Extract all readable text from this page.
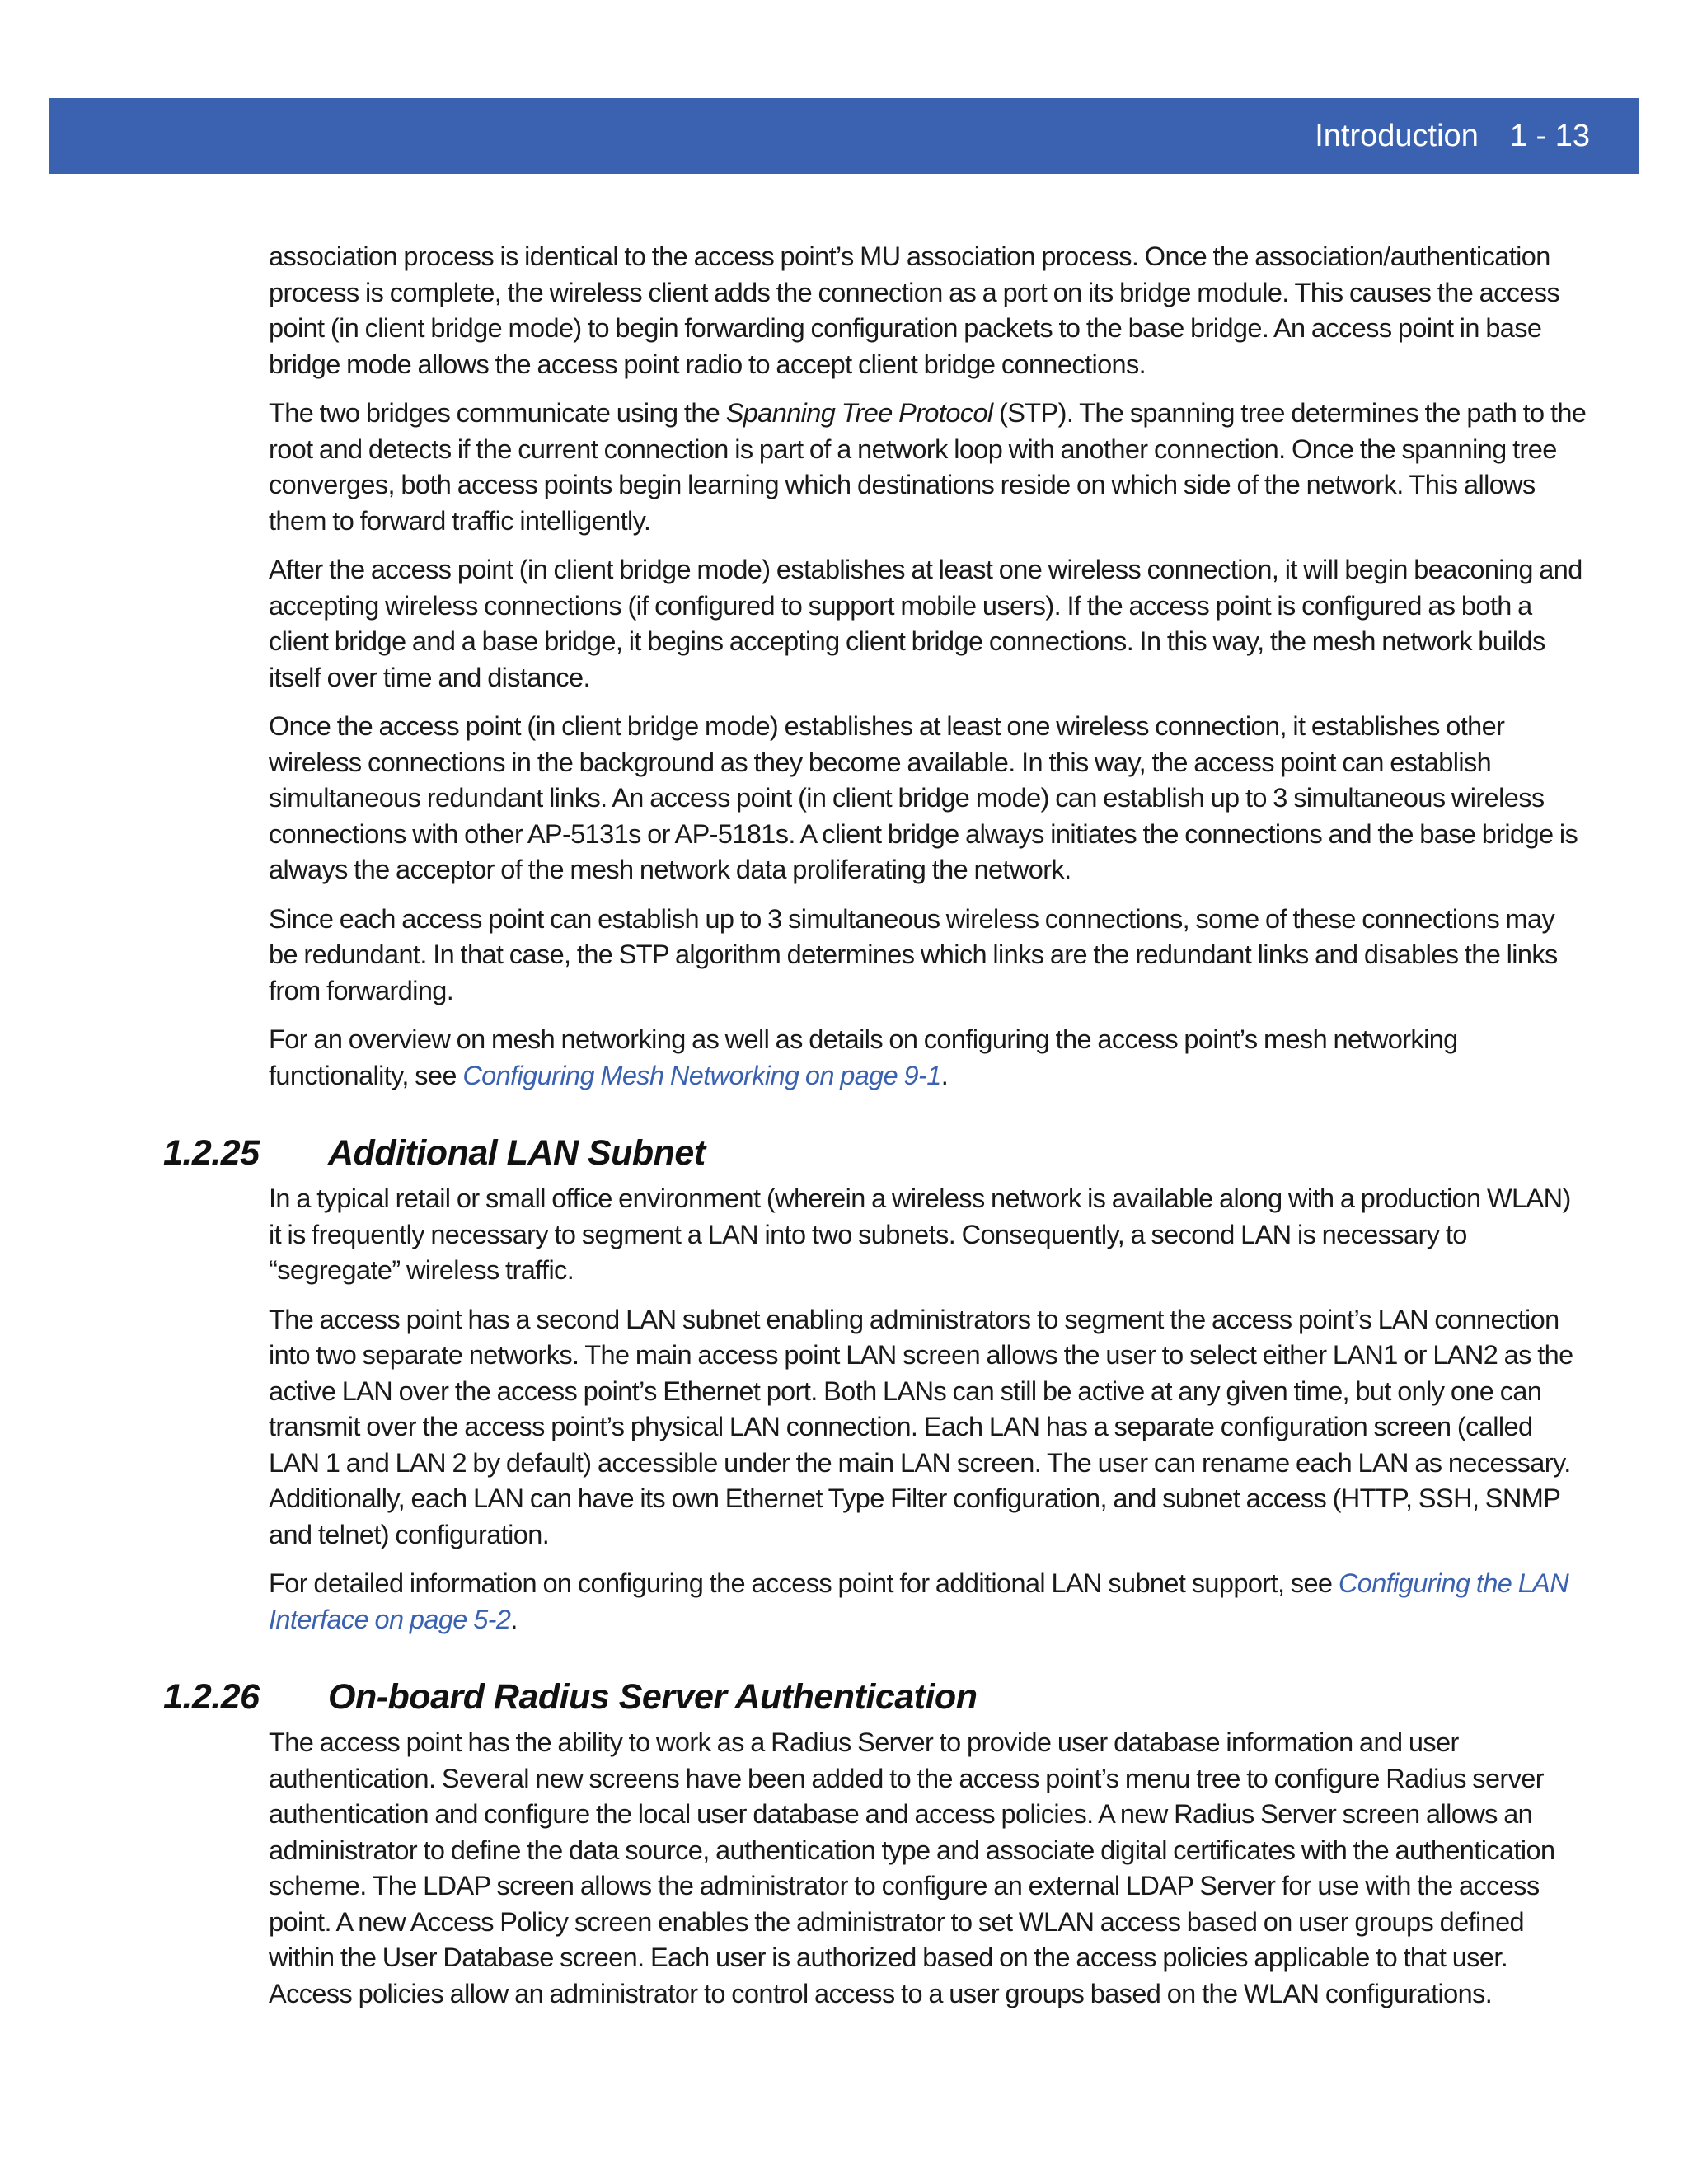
Introduction 1 - 13

association process is identical to the access point’s MU association process. Once the association/authentication process is complete, the wireless client adds the connection as a port on its bridge module. This causes the access point (in client bridge mode) to begin forwarding configuration packets to the base bridge. An access point in base bridge mode allows the access point radio to accept client bridge connections.

The two bridges communicate using the Spanning Tree Protocol (STP). The spanning tree determines the path to the root and detects if the current connection is part of a network loop with another connection. Once the spanning tree converges, both access points begin learning which destinations reside on which side of the network. This allows them to forward traffic intelligently.

After the access point (in client bridge mode) establishes at least one wireless connection, it will begin beaconing and accepting wireless connections (if configured to support mobile users). If the access point is configured as both a client bridge and a base bridge, it begins accepting client bridge connections. In this way, the mesh network builds itself over time and distance.

Once the access point (in client bridge mode) establishes at least one wireless connection, it establishes other wireless connections in the background as they become available. In this way, the access point can establish simultaneous redundant links. An access point (in client bridge mode) can establish up to 3 simultaneous wireless connections with other AP-5131s or AP-5181s. A client bridge always initiates the connections and the base bridge is always the acceptor of the mesh network data proliferating the network.

Since each access point can establish up to 3 simultaneous wireless connections, some of these connections may be redundant. In that case, the STP algorithm determines which links are the redundant links and disables the links from forwarding.

For an overview on mesh networking as well as details on configuring the access point’s mesh networking functionality, see Configuring Mesh Networking on page 9-1.

1.2.25	Additional LAN Subnet

In a typical retail or small office environment (wherein a wireless network is available along with a production WLAN) it is frequently necessary to segment a LAN into two subnets. Consequently, a second LAN is necessary to “segregate” wireless traffic.

The access point has a second LAN subnet enabling administrators to segment the access point’s LAN connection into two separate networks. The main access point LAN screen allows the user to select either LAN1 or LAN2 as the active LAN over the access point’s Ethernet port. Both LANs can still be active at any given time, but only one can transmit over the access point’s physical LAN connection. Each LAN has a separate configuration screen (called LAN 1 and LAN 2 by default) accessible under the main LAN screen. The user can rename each LAN as necessary. Additionally, each LAN can have its own Ethernet Type Filter configuration, and subnet access (HTTP, SSH, SNMP and telnet) configuration.

For detailed information on configuring the access point for additional LAN subnet support, see Configuring the LAN Interface on page 5-2.

1.2.26	On-board Radius Server Authentication

The access point has the ability to work as a Radius Server to provide user database information and user authentication. Several new screens have been added to the access point’s menu tree to configure Radius server authentication and configure the local user database and access policies. A new Radius Server screen allows an administrator to define the data source, authentication type and associate digital certificates with the authentication scheme. The LDAP screen allows the administrator to configure an external LDAP Server for use with the access point. A new Access Policy screen enables the administrator to set WLAN access based on user groups defined within the User Database screen. Each user is authorized based on the access policies applicable to that user. Access policies allow an administrator to control access to a user groups based on the WLAN configurations.
